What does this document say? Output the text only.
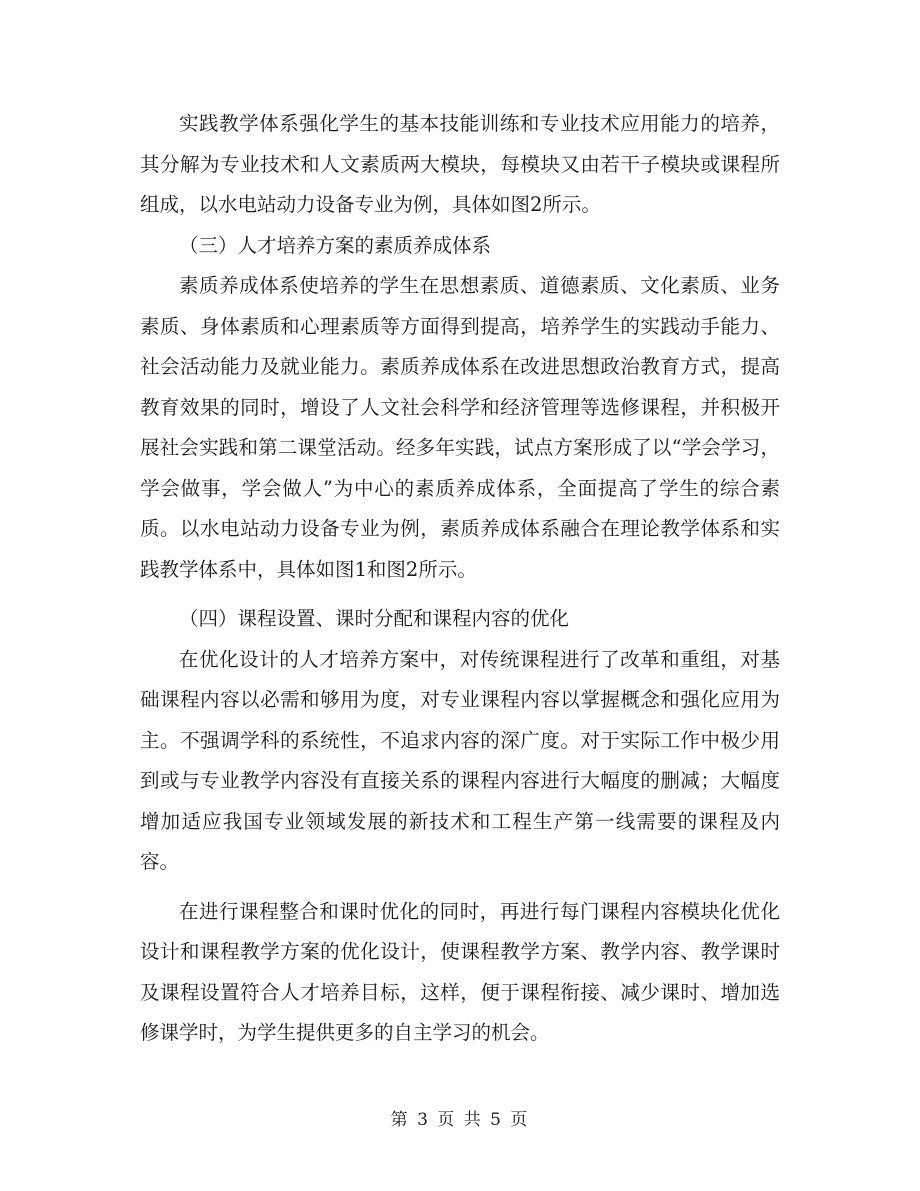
实践教学体系强化学生的基本技能训练和专业技术应用能力的培养，其分解为专业技术和人文素质两大模块，每模块又由若干子模块或课程所组成，以水电站动力设备专业为例，具体如图2所示。

（三）人才培养方案的素质养成体系

素质养成体系使培养的学生在思想素质、道德素质、文化素质、业务素质、身体素质和心理素质等方面得到提高，培养学生的实践动手能力、社会活动能力及就业能力。素质养成体系在改进思想政治教育方式，提高教育效果的同时，增设了人文社会科学和经济管理等选修课程，并积极开展社会实践和第二课堂活动。经多年实践，试点方案形成了以“学会学习，学会做事，学会做人”为中心的素质养成体系，全面提高了学生的综合素质。以水电站动力设备专业为例，素质养成体系融合在理论教学体系和实践教学体系中，具体如图1和图2所示。

（四）课程设置、课时分配和课程内容的优化

在优化设计的人才培养方案中，对传统课程进行了改革和重组，对基础课程内容以必需和够用为度，对专业课程内容以掌握概念和强化应用为主。不强调学科的系统性，不追求内容的深广度。对于实际工作中极少用到或与专业教学内容没有直接关系的课程内容进行大幅度的删减；大幅度增加适应我国专业领域发展的新技术和工程生产第一线需要的课程及内容。

在进行课程整合和课时优化的同时，再进行每门课程内容模块化优化设计和课程教学方案的优化设计，使课程教学方案、教学内容、教学课时及课程设置符合人才培养目标，这样，便于课程衔接、减少课时、增加选修课学时，为学生提供更多的自主学习的机会。

第 3 页 共 5 页
